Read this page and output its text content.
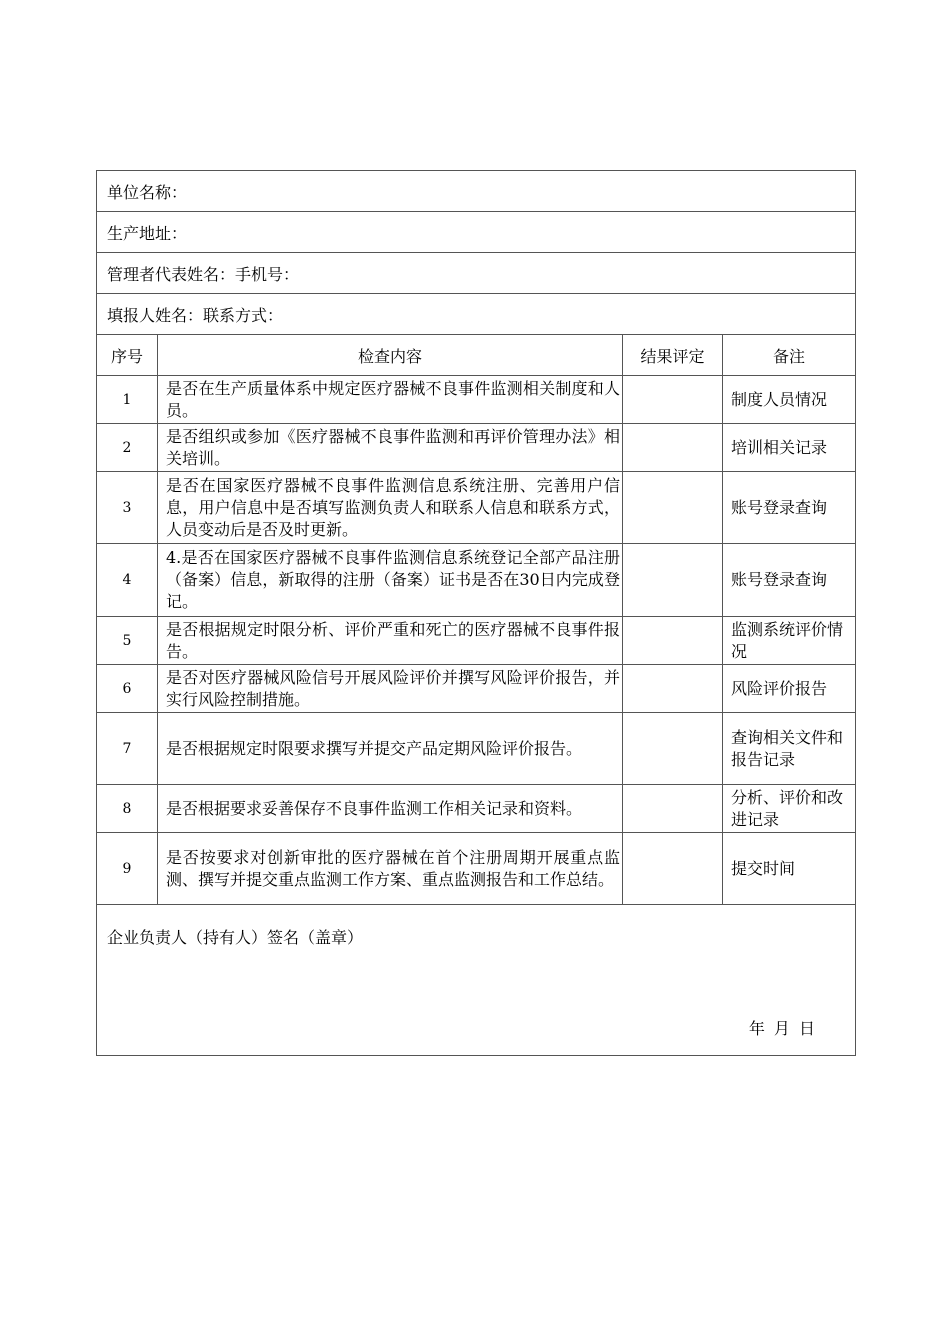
单位名称：			
生产地址：			
管理者代表姓名：手机号：			
填报人姓名：联系方式：			
序号	检查内容	结果评定	备注
1	是否在生产质量体系中规定医疗器械不良事件监测相关制度和人员。		制度人员情况
2	是否组织或参加《医疗器械不良事件监测和再评价管理办法》相关培训。		培训相关记录
3	是否在国家医疗器械不良事件监测信息系统注册、完善用户信息，用户信息中是否填写监测负责人和联系人信息和联系方式，人员变动后是否及时更新。		账号登录查询
4	4.是否在国家医疗器械不良事件监测信息系统登记全部产品注册（备案）信息，新取得的注册（备案）证书是否在30日内完成登记。		账号登录查询
5	是否根据规定时限分析、评价严重和死亡的医疗器械不良事件报告。		监测系统评价情况
6	是否对医疗器械风险信号开展风险评价并撰写风险评价报告，并实行风险控制措施。		风险评价报告
7	是否根据规定时限要求撰写并提交产品定期风险评价报告。		查询相关文件和报告记录
8	是否根据要求妥善保存不良事件监测工作相关记录和资料。		分析、评价和改进记录
9	是否按要求对创新审批的医疗器械在首个注册周期开展重点监测、撰写并提交重点监测工作方案、重点监测报告和工作总结。		提交时间

企业负责人（持有人）签名（盖章）
年 月 日			
